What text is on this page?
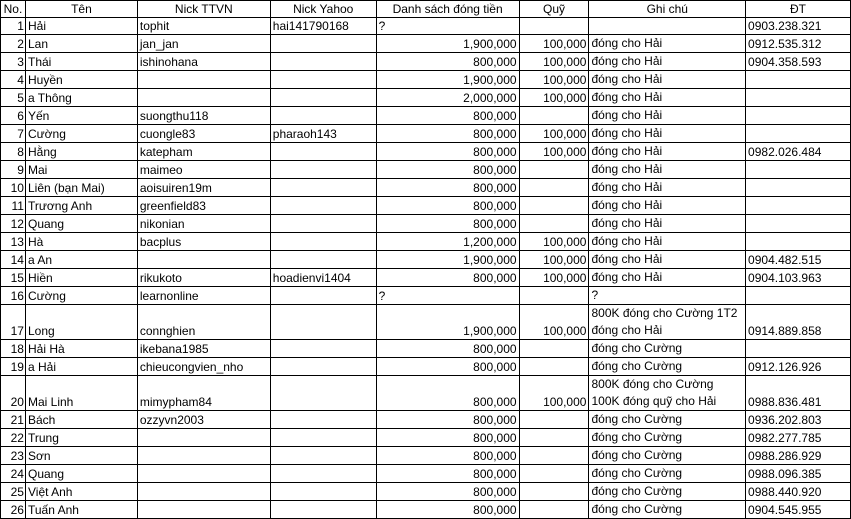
No.	Tên	Nick TTVN	Nick Yahoo	Danh sách đóng tiền	Quỹ	Ghi chú	ĐT
1	Hải	tophit	hai141790168	?			0903.238.321
2	Lan	jan_jan		1,900,000	100,000	đóng cho Hải	0912.535.312
3	Thái	ishinohana		800,000	100,000	đóng cho Hải	0904.358.593
4	Huyền			1,900,000	100,000	đóng cho Hải	
5	a Thông			2,000,000	100,000	đóng cho Hải	
6	Yến	suongthu118		800,000		đóng cho Hải	
7	Cường	cuongle83	pharaoh143	800,000	100,000	đóng cho Hải	
8	Hằng	katepham		800,000	100,000	đóng cho Hải	0982.026.484
9	Mai	maimeo		800,000		đóng cho Hải	
10	Liên (bạn Mai)	aoisuiren19m		800,000		đóng cho Hải	
11	Trương Anh	greenfield83		800,000		đóng cho Hải	
12	Quang	nikonian		800,000		đóng cho Hải	
13	Hà	bacplus		1,200,000	100,000	đóng cho Hải	
14	a An			1,900,000	100,000	đóng cho Hải	0904.482.515
15	Hiền	rikukoto	hoadienvi1404	800,000	100,000	đóng cho Hải	0904.103.963
16	Cường	learnonline		?		?	
17	Long	connghien		1,900,000	100,000	800K đóng cho Cường 1T2 đóng cho Hải	0914.889.858
18	Hải Hà	ikebana1985		800,000		đóng cho Cường	
19	a Hải	chieucongvien_nho		800,000		đóng cho Cường	0912.126.926
20	Mai Linh	mimypham84		800,000	100,000	800K đóng cho Cường 100K đóng quỹ cho Hải	0988.836.481
21	Bách	ozzyvn2003		800,000		đóng cho Cường	0936.202.803
22	Trung			800,000		đóng cho Cường	0982.277.785
23	Sơn			800,000		đóng cho Cường	0988.286.929
24	Quang			800,000		đóng cho Cường	0988.096.385
25	Việt Anh			800,000		đóng cho Cường	0988.440.920
26	Tuấn Anh			800,000		đóng cho Cường	0904.545.955
